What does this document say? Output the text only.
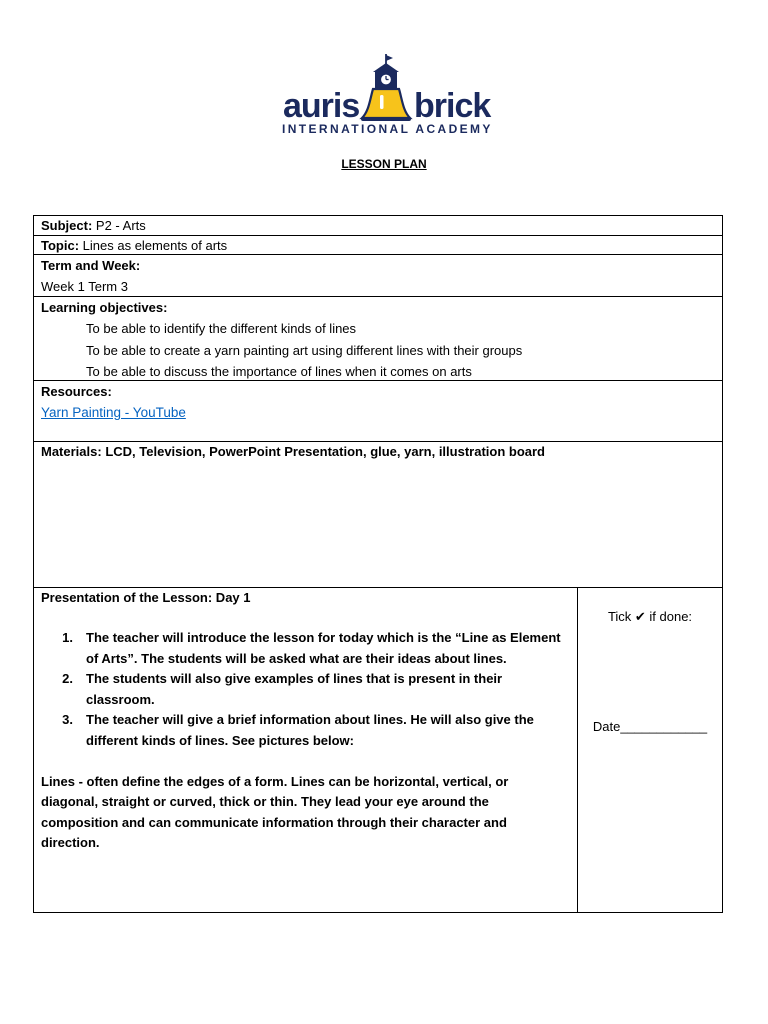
auris brick
INTERNATIONAL ACADEMY
LESSON PLAN
Subject: P2 - Arts
Topic: Lines as elements of arts
Term and Week:
Week 1 Term 3
Learning objectives:
To be able to identify the different kinds of lines
To be able to create a yarn painting art using different lines with their groups
To be able to discuss the importance of lines when it comes on arts
Resources:
Yarn Painting - YouTube
Materials: LCD, Television, PowerPoint Presentation, glue, yarn, illustration board
Presentation of the Lesson: Day 1
1. The teacher will introduce the lesson for today which is the “Line as Element
of Arts”. The students will be asked what are their ideas about lines.
2. The students will also give examples of lines that is present in their
classroom.
3. The teacher will give a brief information about lines. He will also give the
different kinds of lines. See pictures below:
Lines - often define the edges of a form. Lines can be horizontal, vertical, or
diagonal, straight or curved, thick or thin. They lead your eye around the
composition and can communicate information through their character and
direction.
Tick ✔ if done:
Date____________
